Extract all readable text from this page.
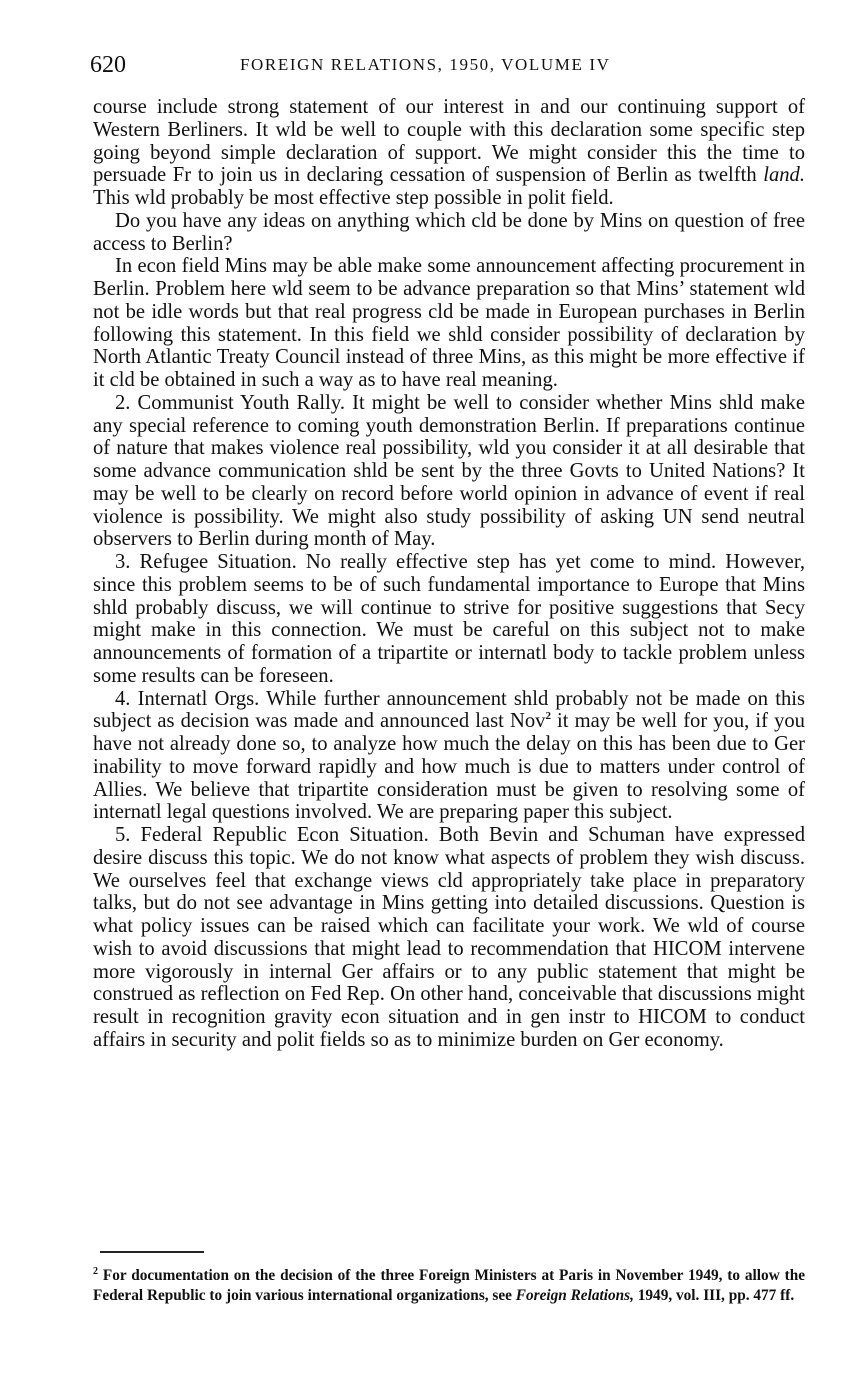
620	FOREIGN RELATIONS, 1950, VOLUME IV

course include strong statement of our interest in and our continuing support of Western Berliners. It wld be well to couple with this declaration some specific step going beyond simple declaration of support. We might consider this the time to persuade Fr to join us in declaring cessation of suspension of Berlin as twelfth land. This wld probably be most effective step possible in polit field.

Do you have any ideas on anything which cld be done by Mins on question of free access to Berlin?

In econ field Mins may be able make some announcement affecting procurement in Berlin. Problem here wld seem to be advance preparation so that Mins’ statement wld not be idle words but that real progress cld be made in European purchases in Berlin following this statement. In this field we shld consider possibility of declaration by North Atlantic Treaty Council instead of three Mins, as this might be more effective if it cld be obtained in such a way as to have real meaning.

2. Communist Youth Rally. It might be well to consider whether Mins shld make any special reference to coming youth demonstration Berlin. If preparations continue of nature that makes violence real possibility, wld you consider it at all desirable that some advance communication shld be sent by the three Govts to United Nations? It may be well to be clearly on record before world opinion in advance of event if real violence is possibility. We might also study possibility of asking UN send neutral observers to Berlin during month of May.

3. Refugee Situation. No really effective step has yet come to mind. However, since this problem seems to be of such fundamental importance to Europe that Mins shld probably discuss, we will continue to strive for positive suggestions that Secy might make in this connection. We must be careful on this subject not to make announcements of formation of a tripartite or internatl body to tackle problem unless some results can be foreseen.

4. Internatl Orgs. While further announcement shld probably not be made on this subject as decision was made and announced last Nov$^2$ it may be well for you, if you have not already done so, to analyze how much the delay on this has been due to Ger inability to move forward rapidly and how much is due to matters under control of Allies. We believe that tripartite consideration must be given to resolving some of internatl legal questions involved. We are preparing paper this subject.

5. Federal Republic Econ Situation. Both Bevin and Schuman have expressed desire discuss this topic. We do not know what aspects of problem they wish discuss. We ourselves feel that exchange views cld appropriately take place in preparatory talks, but do not see advantage in Mins getting into detailed discussions. Question is what policy issues can be raised which can facilitate your work. We wld of course wish to avoid discussions that might lead to recommendation that HICOM intervene more vigorously in internal Ger affairs or to any public statement that might be construed as reflection on Fed Rep. On other hand, conceivable that discussions might result in recognition gravity econ situation and in gen instr to HICOM to conduct affairs in security and polit fields so as to minimize burden on Ger economy.

$^2$ For documentation on the decision of the three Foreign Ministers at Paris in November 1949, to allow the Federal Republic to join various international organizations, see Foreign Relations, 1949, vol. III, pp. 477 ff.
